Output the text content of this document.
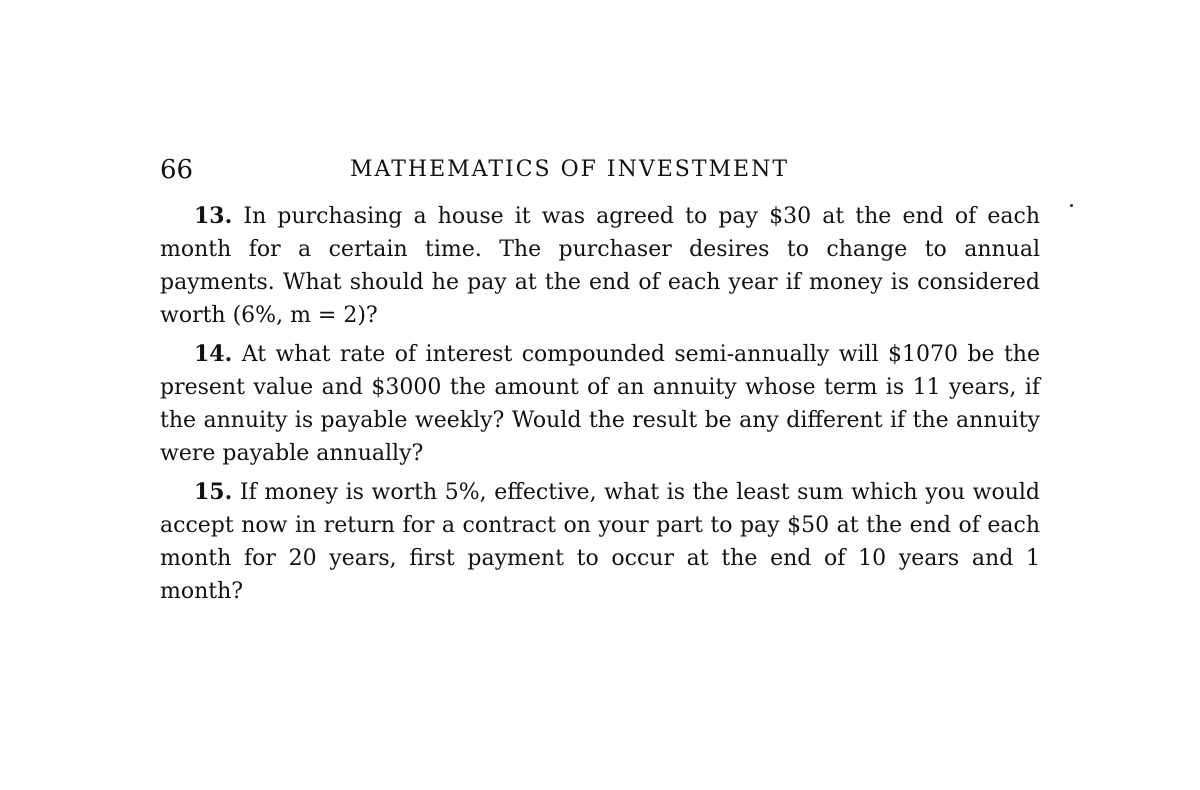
66	MATHEMATICS OF INVESTMENT

13. In purchasing a house it was agreed to pay $30 at the end of each month for a certain time. The purchaser desires to change to annual payments. What should he pay at the end of each year if money is considered worth (6%, m = 2)?

14. At what rate of interest compounded semi-annually will $1070 be the present value and $3000 the amount of an annuity whose term is 11 years, if the annuity is payable weekly? Would the result be any different if the annuity were payable annually?

15. If money is worth 5%, effective, what is the least sum which you would accept now in return for a contract on your part to pay $50 at the end of each month for 20 years, first payment to occur at the end of 10 years and 1 month?
